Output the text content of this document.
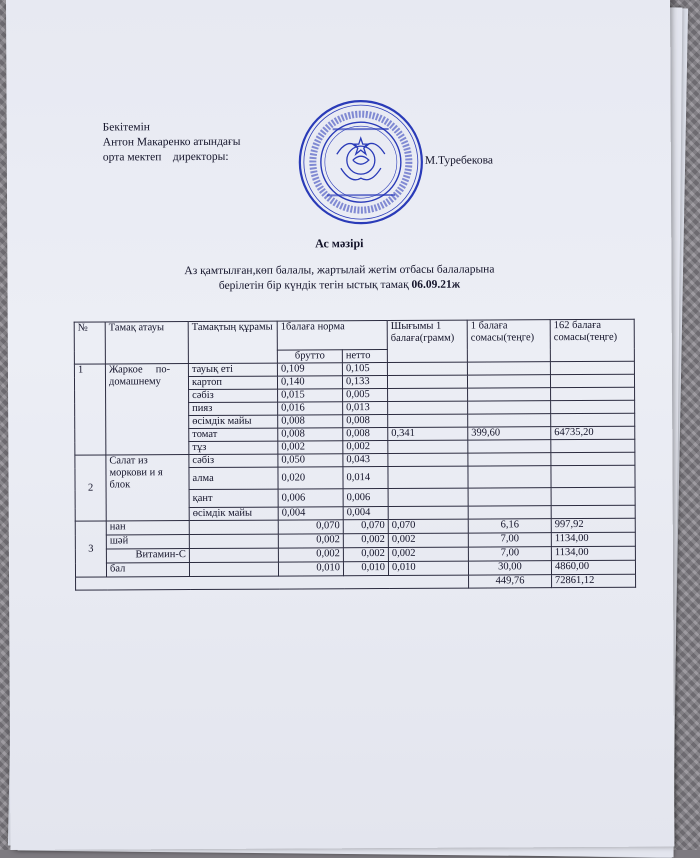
Бекітемін
Антон Макаренко атындағы
орта мектеп    директоры:	М.Туребекова
Ас мәзірі
Аз қамтылған,көп балалы, жартылай жетім отбасы балаларына
берілетін бір күндік тегін ыстық тамақ 06.09.21ж
№	Тамақ атауы	Тамақтың құрамы	1балаға норма		Шығымы 1 балаға(грамм)	1 балаға сомасы(теңге)	162 балаға сомасы(теңге)
			брутто	нетто			
1	Жаркое     по-домашнему	тауық еті	0,109	0,105			
		картоп	0,140	0,133			
		сәбіз	0,015	0,005			
		пияз	0,016	0,013			
		өсімдік майы	0,008	0,008			
		томат	0,008	0,008	0,341	399,60	64735,20
		тұз	0,002	0,002			
2	Салат из моркови и я блок	сәбіз	0,050	0,043			
		алма	0,020	0,014			
		қант	0,006	0,006			
		өсімдік майы	0,004	0,004			
3	нан		0,070	0,070	0,070	6,16	997,92
	шәй		0,002	0,002	0,002	7,00	1134,00
	Витамин-С		0,002	0,002	0,002	7,00	1134,00
	бал		0,010	0,010	0,010	30,00	4860,00
						449,76	72861,12
